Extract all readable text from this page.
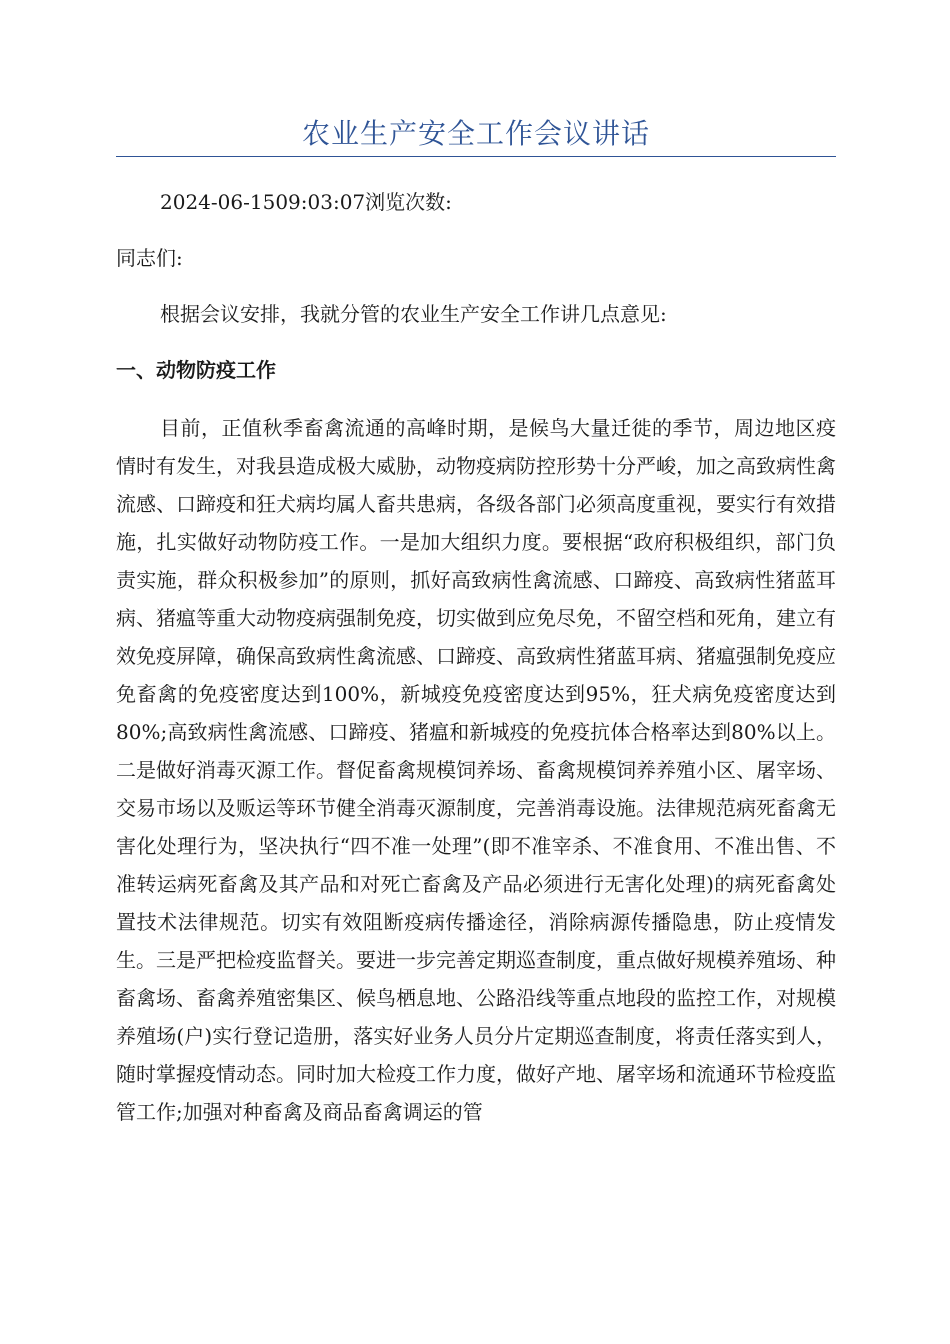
农业生产安全工作会议讲话
2024-06-1509:03:07浏览次数:
同志们:
根据会议安排，我就分管的农业生产安全工作讲几点意见:
一、动物防疫工作
目前，正值秋季畜禽流通的高峰时期，是候鸟大量迁徙的季节，周边地区疫情时有发生，对我县造成极大威胁，动物疫病防控形势十分严峻，加之高致病性禽流感、口蹄疫和狂犬病均属人畜共患病，各级各部门必须高度重视，要实行有效措施，扎实做好动物防疫工作。一是加大组织力度。要根据“政府积极组织，部门负责实施，群众积极参加”的原则，抓好高致病性禽流感、口蹄疫、高致病性猪蓝耳病、猪瘟等重大动物疫病强制免疫，切实做到应免尽免，不留空档和死角，建立有效免疫屏障，确保高致病性禽流感、口蹄疫、高致病性猪蓝耳病、猪瘟强制免疫应免畜禽的免疫密度达到100%，新城疫免疫密度达到95%，狂犬病免疫密度达到80%;高致病性禽流感、口蹄疫、猪瘟和新城疫的免疫抗体合格率达到80%以上。二是做好消毒灭源工作。督促畜禽规模饲养场、畜禽规模饲养养殖小区、屠宰场、交易市场以及贩运等环节健全消毒灭源制度，完善消毒设施。法律规范病死畜禽无害化处理行为，坚决执行“四不准一处理”(即不准宰杀、不准食用、不准出售、不准转运病死畜禽及其产品和对死亡畜禽及产品必须进行无害化处理)的病死畜禽处置技术法律规范。切实有效阻断疫病传播途径，消除病源传播隐患，防止疫情发生。三是严把检疫监督关。要进一步完善定期巡查制度，重点做好规模养殖场、种畜禽场、畜禽养殖密集区、候鸟栖息地、公路沿线等重点地段的监控工作，对规模养殖场(户)实行登记造册，落实好业务人员分片定期巡查制度，将责任落实到人，随时掌握疫情动态。同时加大检疫工作力度，做好产地、屠宰场和流通环节检疫监管工作;加强对种畜禽及商品畜禽调运的管
